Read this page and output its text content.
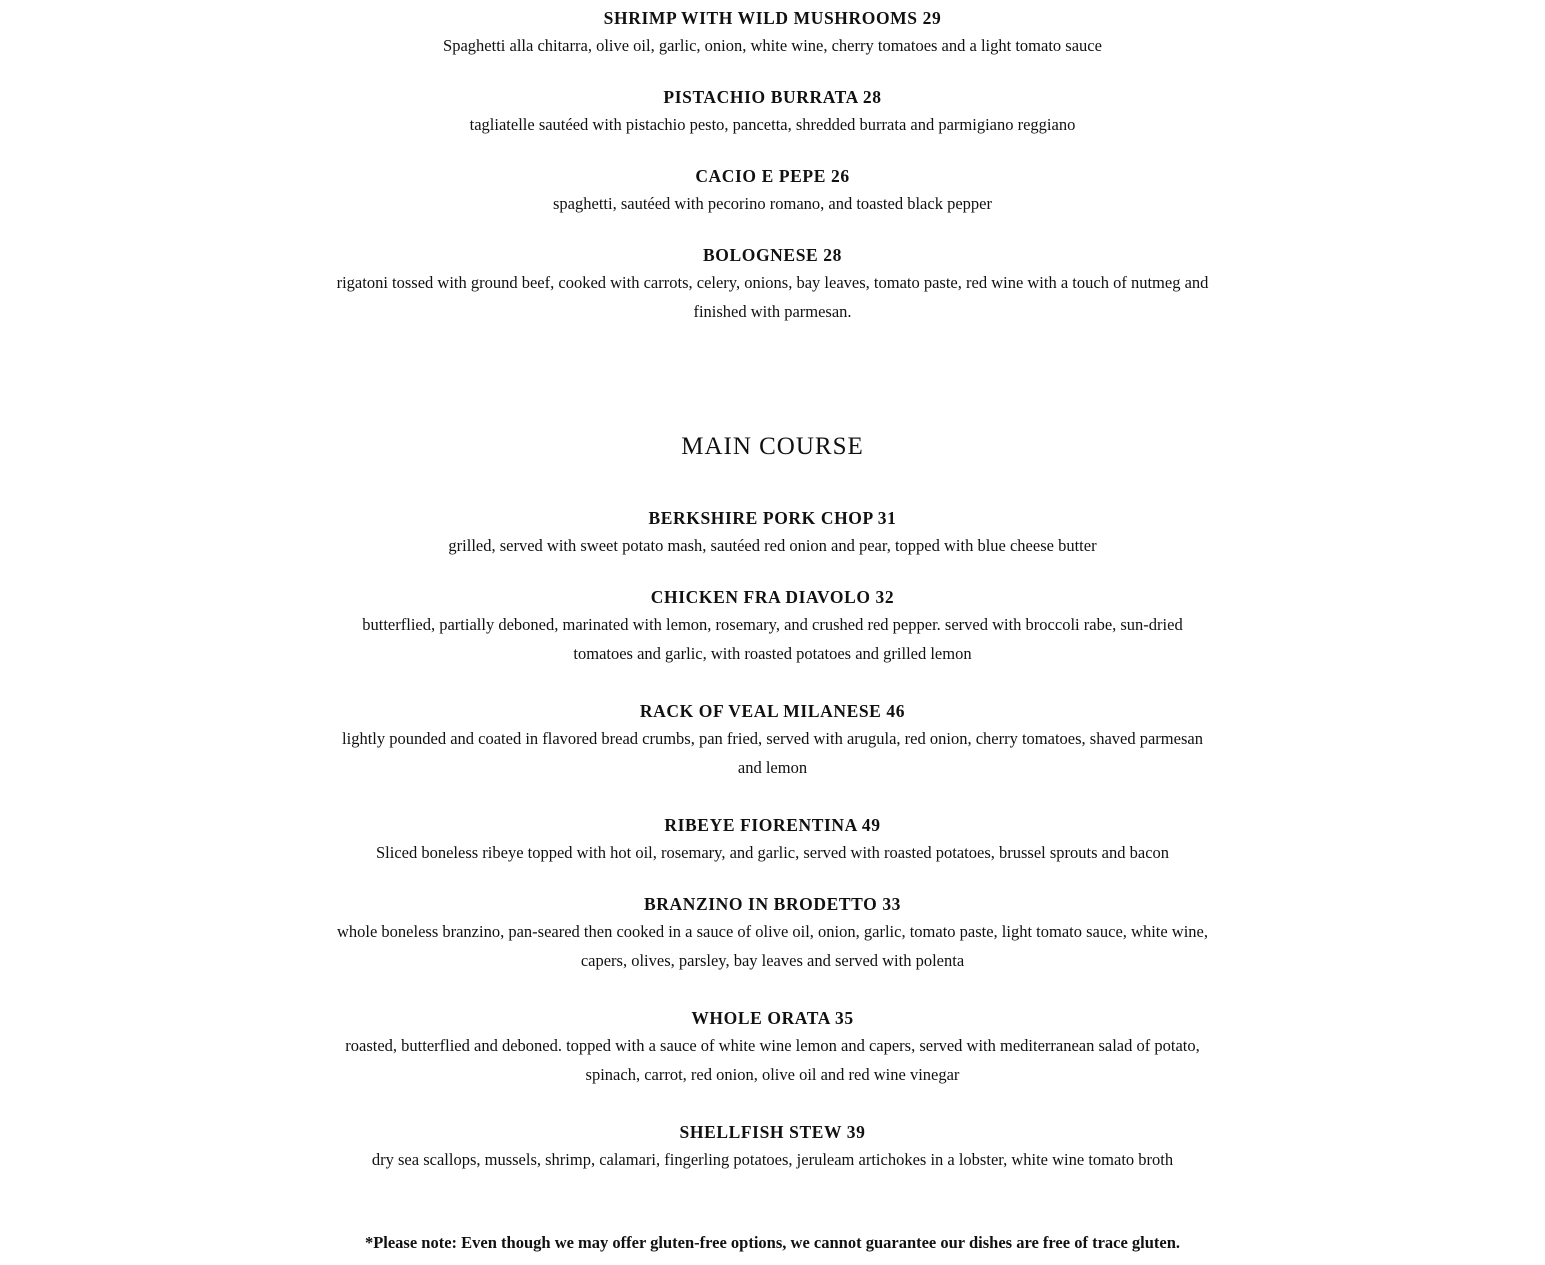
SHRIMP WITH WILD MUSHROOMS 29

Spaghetti alla chitarra, olive oil, garlic, onion, white wine, cherry tomatoes and a light tomato sauce

PISTACHIO BURRATA 28

tagliatelle sautéed with pistachio pesto, pancetta, shredded burrata and parmigiano reggiano

CACIO E PEPE 26

spaghetti, sautéed with pecorino romano, and toasted black pepper

BOLOGNESE 28

rigatoni tossed with ground beef, cooked with carrots, celery, onions, bay leaves, tomato paste, red wine with a touch of nutmeg and finished with parmesan.

MAIN COURSE

BERKSHIRE PORK CHOP 31

grilled, served with sweet potato mash, sautéed red onion and pear, topped with blue cheese butter

CHICKEN FRA DIAVOLO 32

butterflied, partially deboned, marinated with lemon, rosemary, and crushed red pepper. served with broccoli rabe, sun-dried tomatoes and garlic, with roasted potatoes and grilled lemon

RACK OF VEAL MILANESE 46

lightly pounded and coated in flavored bread crumbs, pan fried, served with arugula, red onion, cherry tomatoes, shaved parmesan and lemon

RIBEYE FIORENTINA 49

Sliced boneless ribeye topped with hot oil, rosemary, and garlic, served with roasted potatoes, brussel sprouts and bacon

BRANZINO IN BRODETTO 33

whole boneless branzino, pan-seared then cooked in a sauce of olive oil, onion, garlic, tomato paste, light tomato sauce, white wine, capers, olives, parsley, bay leaves and served with polenta

WHOLE ORATA 35

roasted, butterflied and deboned. topped with a sauce of white wine lemon and capers, served with mediterranean salad of potato, spinach, carrot, red onion, olive oil and red wine vinegar

SHELLFISH STEW 39

dry sea scallops, mussels, shrimp, calamari, fingerling potatoes, jeruleam artichokes in a lobster, white wine tomato broth

*Please note: Even though we may offer gluten-free options, we cannot guarantee our dishes are free of trace gluten.
